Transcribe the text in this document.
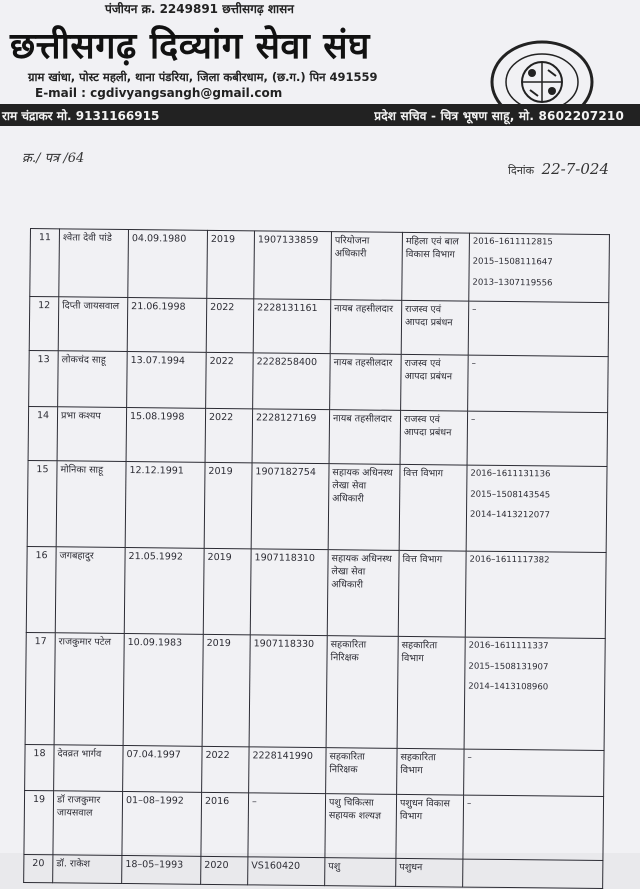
पंजीयन क्र. 2249891 छत्तीसगढ़ शासन
छत्तीसगढ़ दिव्यांग सेवा संघ
ग्राम खांधा, पोस्ट महली, थाना पंडरिया, जिला कबीरधाम, (छ.ग.) पिन 491559
E-mail : cgdivyangsangh@gmail.com
राम चंद्राकर मो. 9131166915	प्रदेश सचिव - चित्र भूषण साहू, मो. 8602207210
क्र./ पत्र /64
दिनांक 22-7-024
11	श्वेता देवी पांडे	04.09.1980	2019	1907133859	परियोजना अधिकारी	महिला एवं बाल विकास विभाग	2016–1611112815
2015–1508111647
2013–1307119556

12	दिप्ती जायसवाल	21.06.1998	2022	2228131161	नायब तहसीलदार	राजस्व एवं आपदा प्रबंधन	–

13	लोकचंद साहू	13.07.1994	2022	2228258400	नायब तहसीलदार	राजस्व एवं आपदा प्रबंधन	–

14	प्रभा कश्यप	15.08.1998	2022	2228127169	नायब तहसीलदार	राजस्व एवं आपदा प्रबंधन	–

15	मोनिका साहू	12.12.1991	2019	1907182754	सहायक अधिनस्थ लेखा सेवा अधिकारी	वित्त विभाग	2016–1611131136
2015–1508143545
2014–1413212077

16	जगबहादुर	21.05.1992	2019	1907118310	सहायक अधिनस्थ लेखा सेवा अधिकारी	वित्त विभाग	2016–1611117382

17	राजकुमार पटेल	10.09.1983	2019	1907118330	सहकारिता निरिक्षक	सहकारिता विभाग	2016–1611111337
2015–1508131907
2014–1413108960

18	देवव्रत भार्गव	07.04.1997	2022	2228141990	सहकारिता निरिक्षक	सहकारिता विभाग	–

19	डॉ राजकुमार जायसवाल	01–08–1992	2016	–	पशु चिकित्सा सहायक शल्यज्ञ	पशुधन विकास विभाग	–

20	डॉ. राकेश	18–05–1993	2020	VS160420	पशु	पशुधन	
